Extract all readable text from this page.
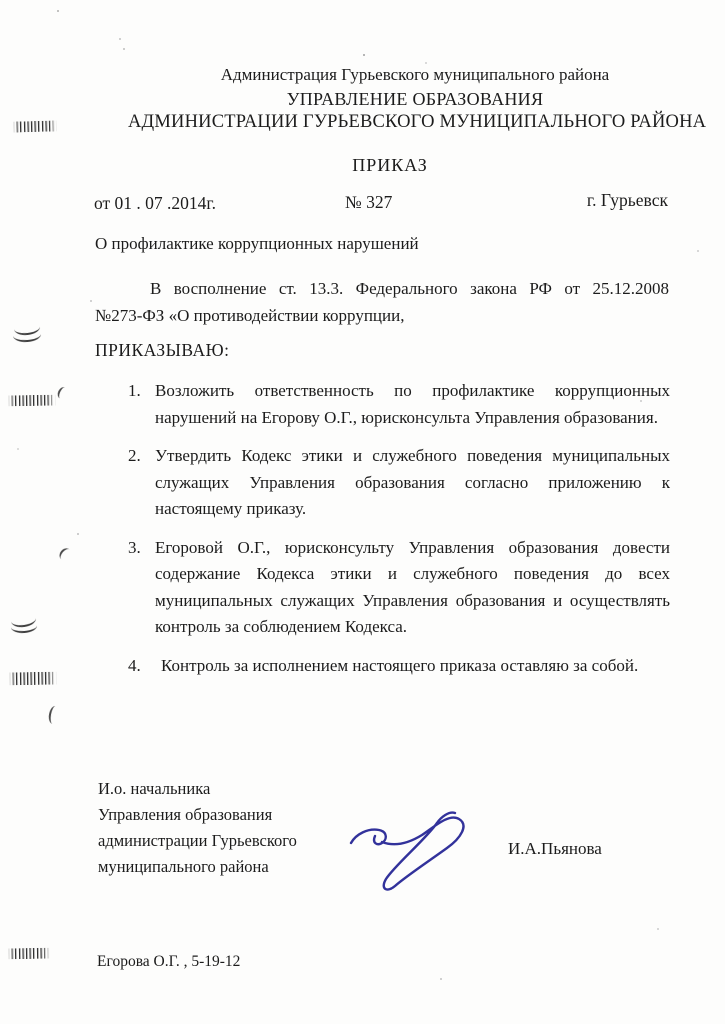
Администрация Гурьевского муниципального района
УПРАВЛЕНИЕ ОБРАЗОВАНИЯ
АДМИНИСТРАЦИИ ГУРЬЕВСКОГО МУНИЦИПАЛЬНОГО РАЙОНА
ПРИКАЗ
от 01 . 07 .2014г.	№ 327	г. Гурьевск
О профилактике коррупционных нарушений
В восполнение ст. 13.3. Федерального закона РФ от 25.12.2008
№273-ФЗ «О противодействии коррупции,
ПРИКАЗЫВАЮ:
1. Возложить ответственность по профилактике коррупционных
нарушений на Егорову О.Г., юрисконсульта Управления образования.
2. Утвердить Кодекс этики и служебного поведения муниципальных
служащих Управления образования согласно приложению к
настоящему приказу.
3. Егоровой О.Г., юрисконсульту Управления образования довести
содержание Кодекса этики и служебного поведения до всех
муниципальных служащих Управления образования и осуществлять
контроль за соблюдением Кодекса.
4.	Контроль за исполнением настоящего приказа оставляю за собой.
И.о. начальника
Управления образования
администрации Гурьевского
муниципального района
И.А.Пьянова
Егорова О.Г. , 5-19-12
